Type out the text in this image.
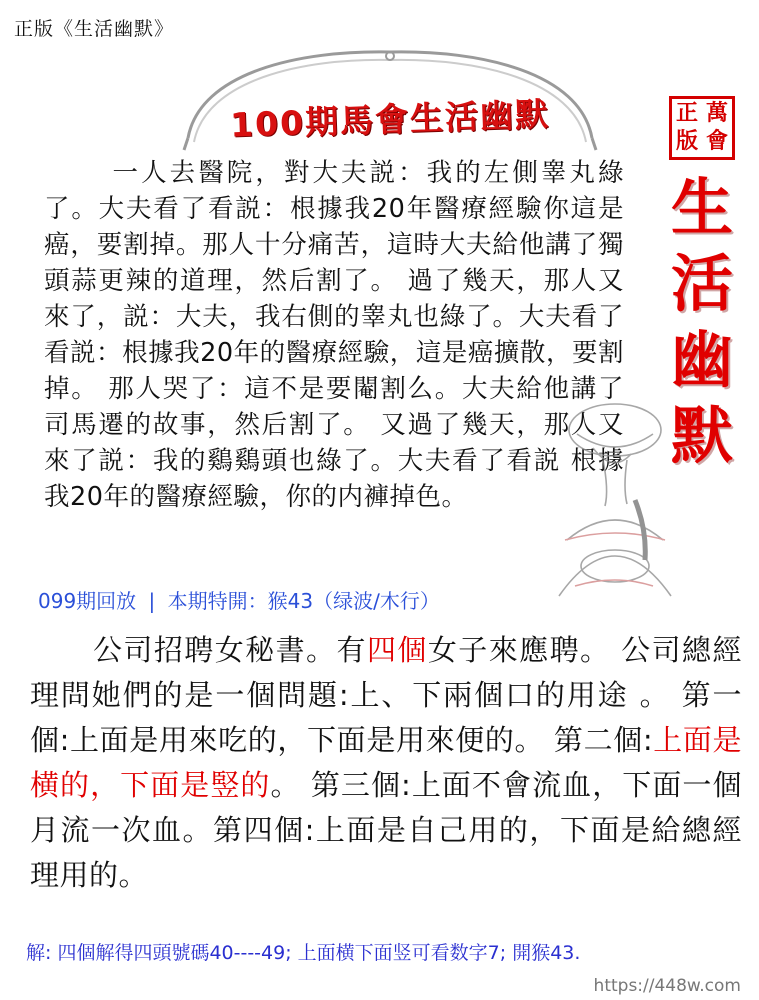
正版《生活幽默》
100期馬會生活幽默	正 萬
版 會
生
活
幽
默
一人去醫院，對大夫説：我的左側睾丸綠了。大夫看了看説：根據我20年醫療經驗你這是癌，要割掉。那人十分痛苦，這時大夫給他講了獨頭蒜更辣的道理，然后割了。 過了幾天，那人又來了，説：大夫，我右側的睾丸也綠了。大夫看了看説：根據我20年的醫療經驗，這是癌擴散，要割掉。 那人哭了：這不是要閹割么。大夫給他講了司馬遷的故事，然后割了。 又過了幾天，那人又來了説：我的鷄鷄頭也綠了。大夫看了看説 根據我20年的醫療經驗，你的内褲掉色。
099期回放 | 本期特開：猴43（绿波∕木行）
公司招聘女秘書。有四個女子來應聘。 公司總經理問她們的是一個問題:上、下兩個口的用途 。 第一個:上面是用來吃的，下面是用來便的。 第二個:上面是横的，下面是竪的。 第三個:上面不會流血，下面一個月流一次血。第四個:上面是自己用的，下面是給總經理用的。
解: 四個解得四頭號碼40----49; 上面横下面竖可看数字7; 開猴43.
https://448w.com
